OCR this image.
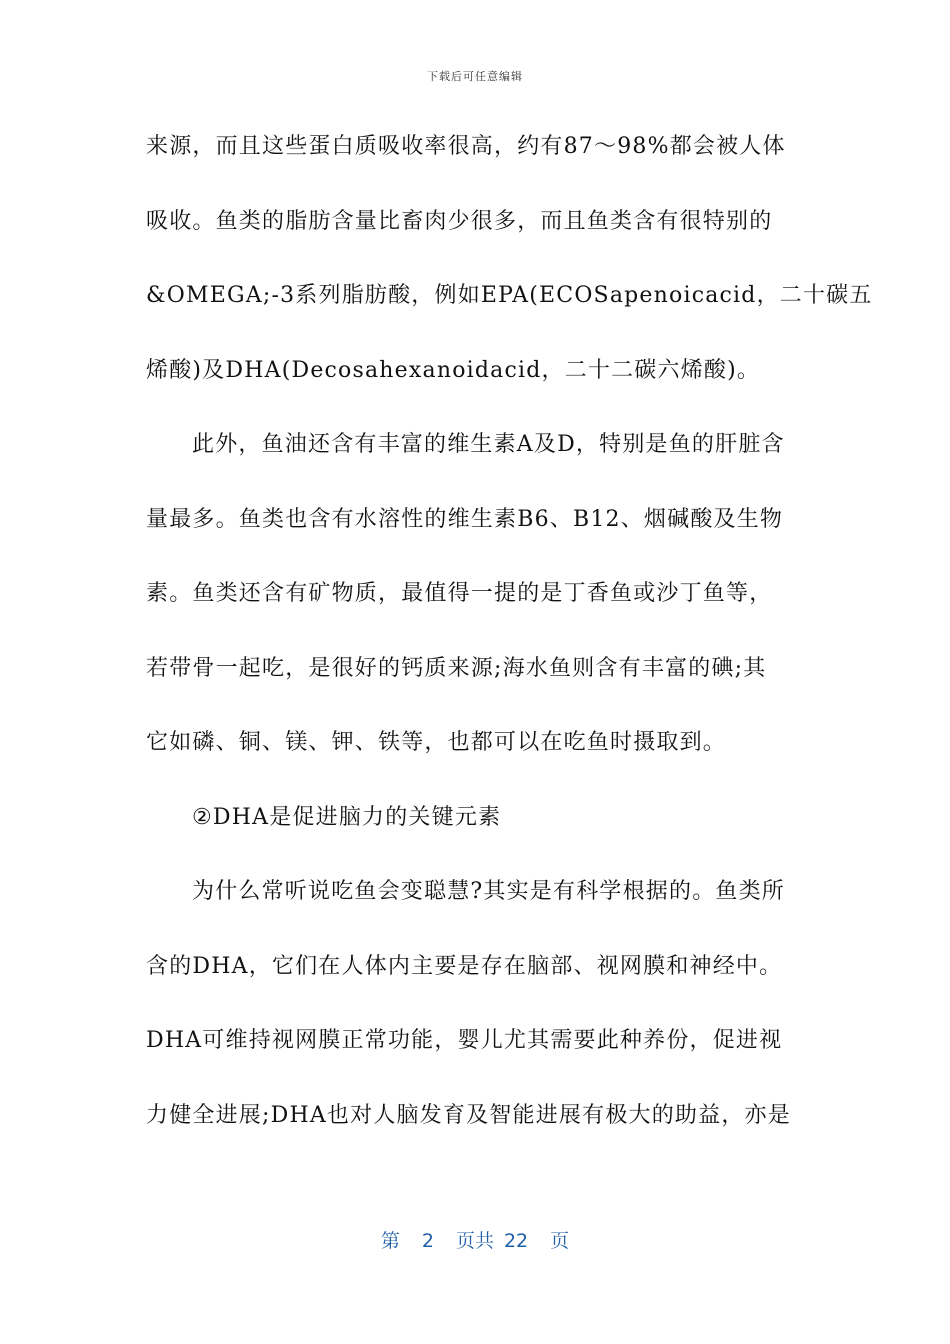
下载后可任意编辑
来源，而且这些蛋白质吸收率很高，约有87～98%都会被人体
吸收。鱼类的脂肪含量比畜肉少很多，而且鱼类含有很特别的
&OMEGA;-3系列脂肪酸，例如EPA(ECOSapenoicacid，二十碳五
烯酸)及DHA(Decosahexanoidacid，二十二碳六烯酸)。
此外，鱼油还含有丰富的维生素A及D，特别是鱼的肝脏含
量最多。鱼类也含有水溶性的维生素B6、B12、烟碱酸及生物
素。鱼类还含有矿物质，最值得一提的是丁香鱼或沙丁鱼等，
若带骨一起吃，是很好的钙质来源;海水鱼则含有丰富的碘;其
它如磷、铜、镁、钾、铁等，也都可以在吃鱼时摄取到。
②DHA是促进脑力的关键元素
为什么常听说吃鱼会变聪慧?其实是有科学根据的。鱼类所
含的DHA，它们在人体内主要是存在脑部、视网膜和神经中。
DHA可维持视网膜正常功能，婴儿尤其需要此种养份，促进视
力健全进展;DHA也对人脑发育及智能进展有极大的助益，亦是
第 2 页共 22 页
